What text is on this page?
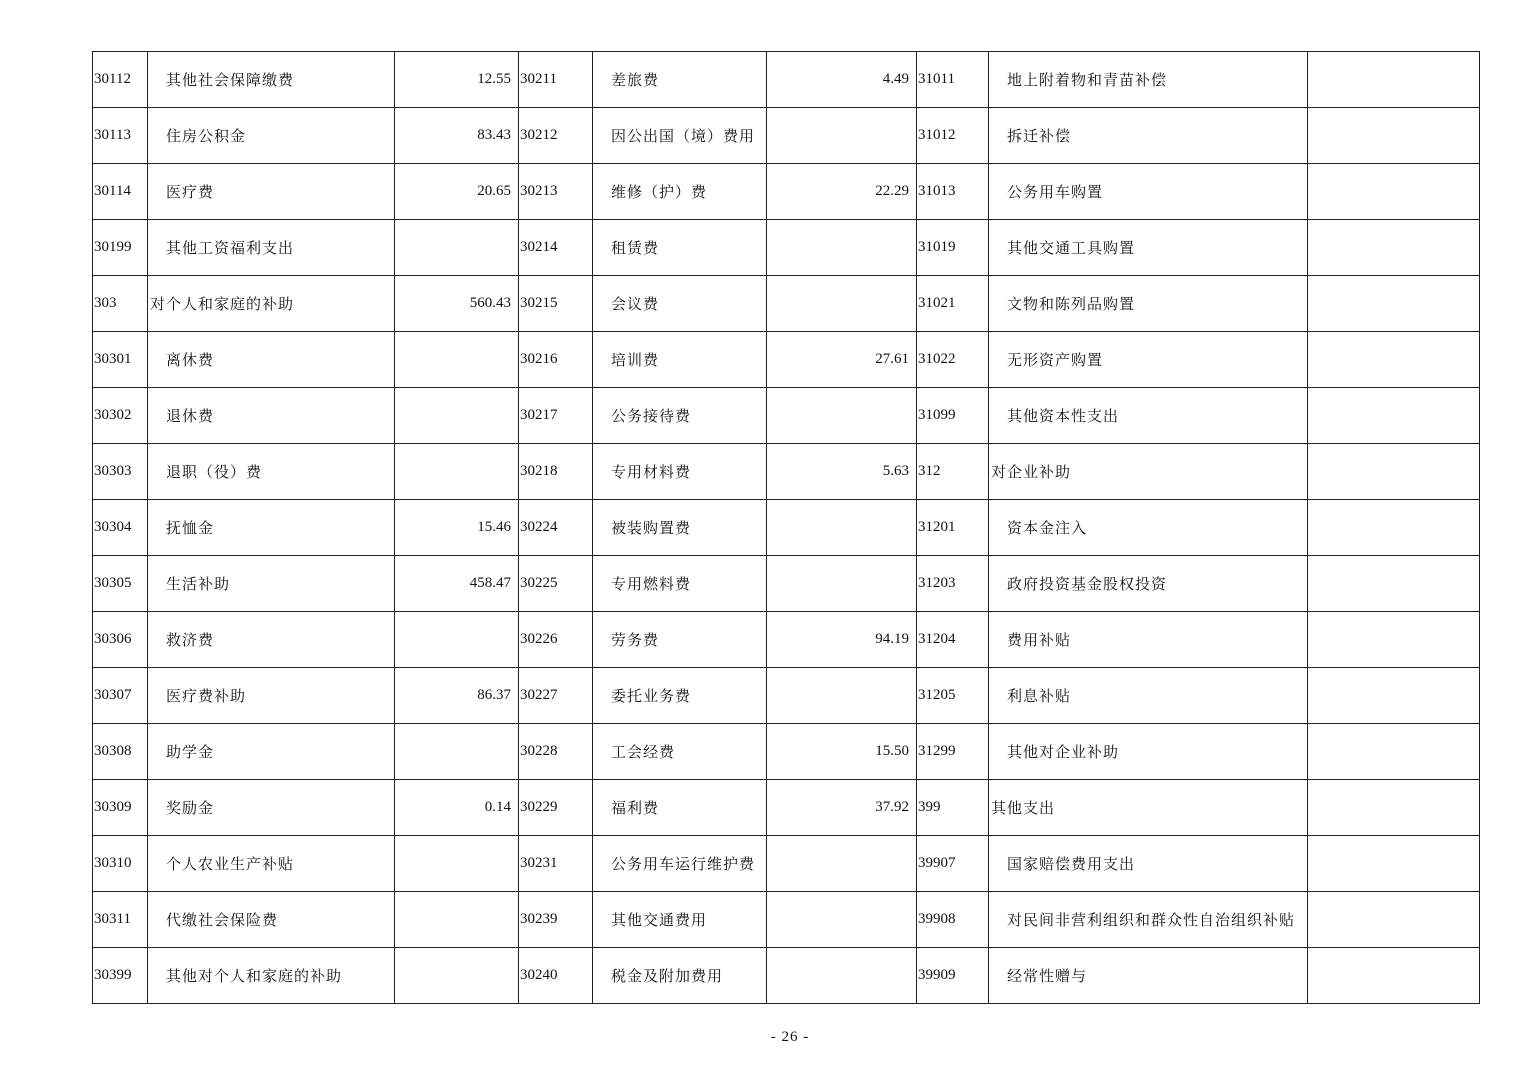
30112	其他社会保障缴费	12.55	30211	差旅费	4.49	31011	地上附着物和青苗补偿	
30113	住房公积金	83.43	30212	因公出国（境）费用		31012	拆迁补偿	
30114	医疗费	20.65	30213	维修（护）费	22.29	31013	公务用车购置	
30199	其他工资福利支出		30214	租赁费		31019	其他交通工具购置	
303	对个人和家庭的补助	560.43	30215	会议费		31021	文物和陈列品购置	
30301	离休费		30216	培训费	27.61	31022	无形资产购置	
30302	退休费		30217	公务接待费		31099	其他资本性支出	
30303	退职（役）费		30218	专用材料费	5.63	312	对企业补助	
30304	抚恤金	15.46	30224	被装购置费		31201	资本金注入	
30305	生活补助	458.47	30225	专用燃料费		31203	政府投资基金股权投资	
30306	救济费		30226	劳务费	94.19	31204	费用补贴	
30307	医疗费补助	86.37	30227	委托业务费		31205	利息补贴	
30308	助学金		30228	工会经费	15.50	31299	其他对企业补助	
30309	奖励金	0.14	30229	福利费	37.92	399	其他支出	
30310	个人农业生产补贴		30231	公务用车运行维护费		39907	国家赔偿费用支出	
30311	代缴社会保险费		30239	其他交通费用		39908	对民间非营利组织和群众性自治组织补贴	
30399	其他对个人和家庭的补助		30240	税金及附加费用		39909	经常性赠与	
- 26 -
